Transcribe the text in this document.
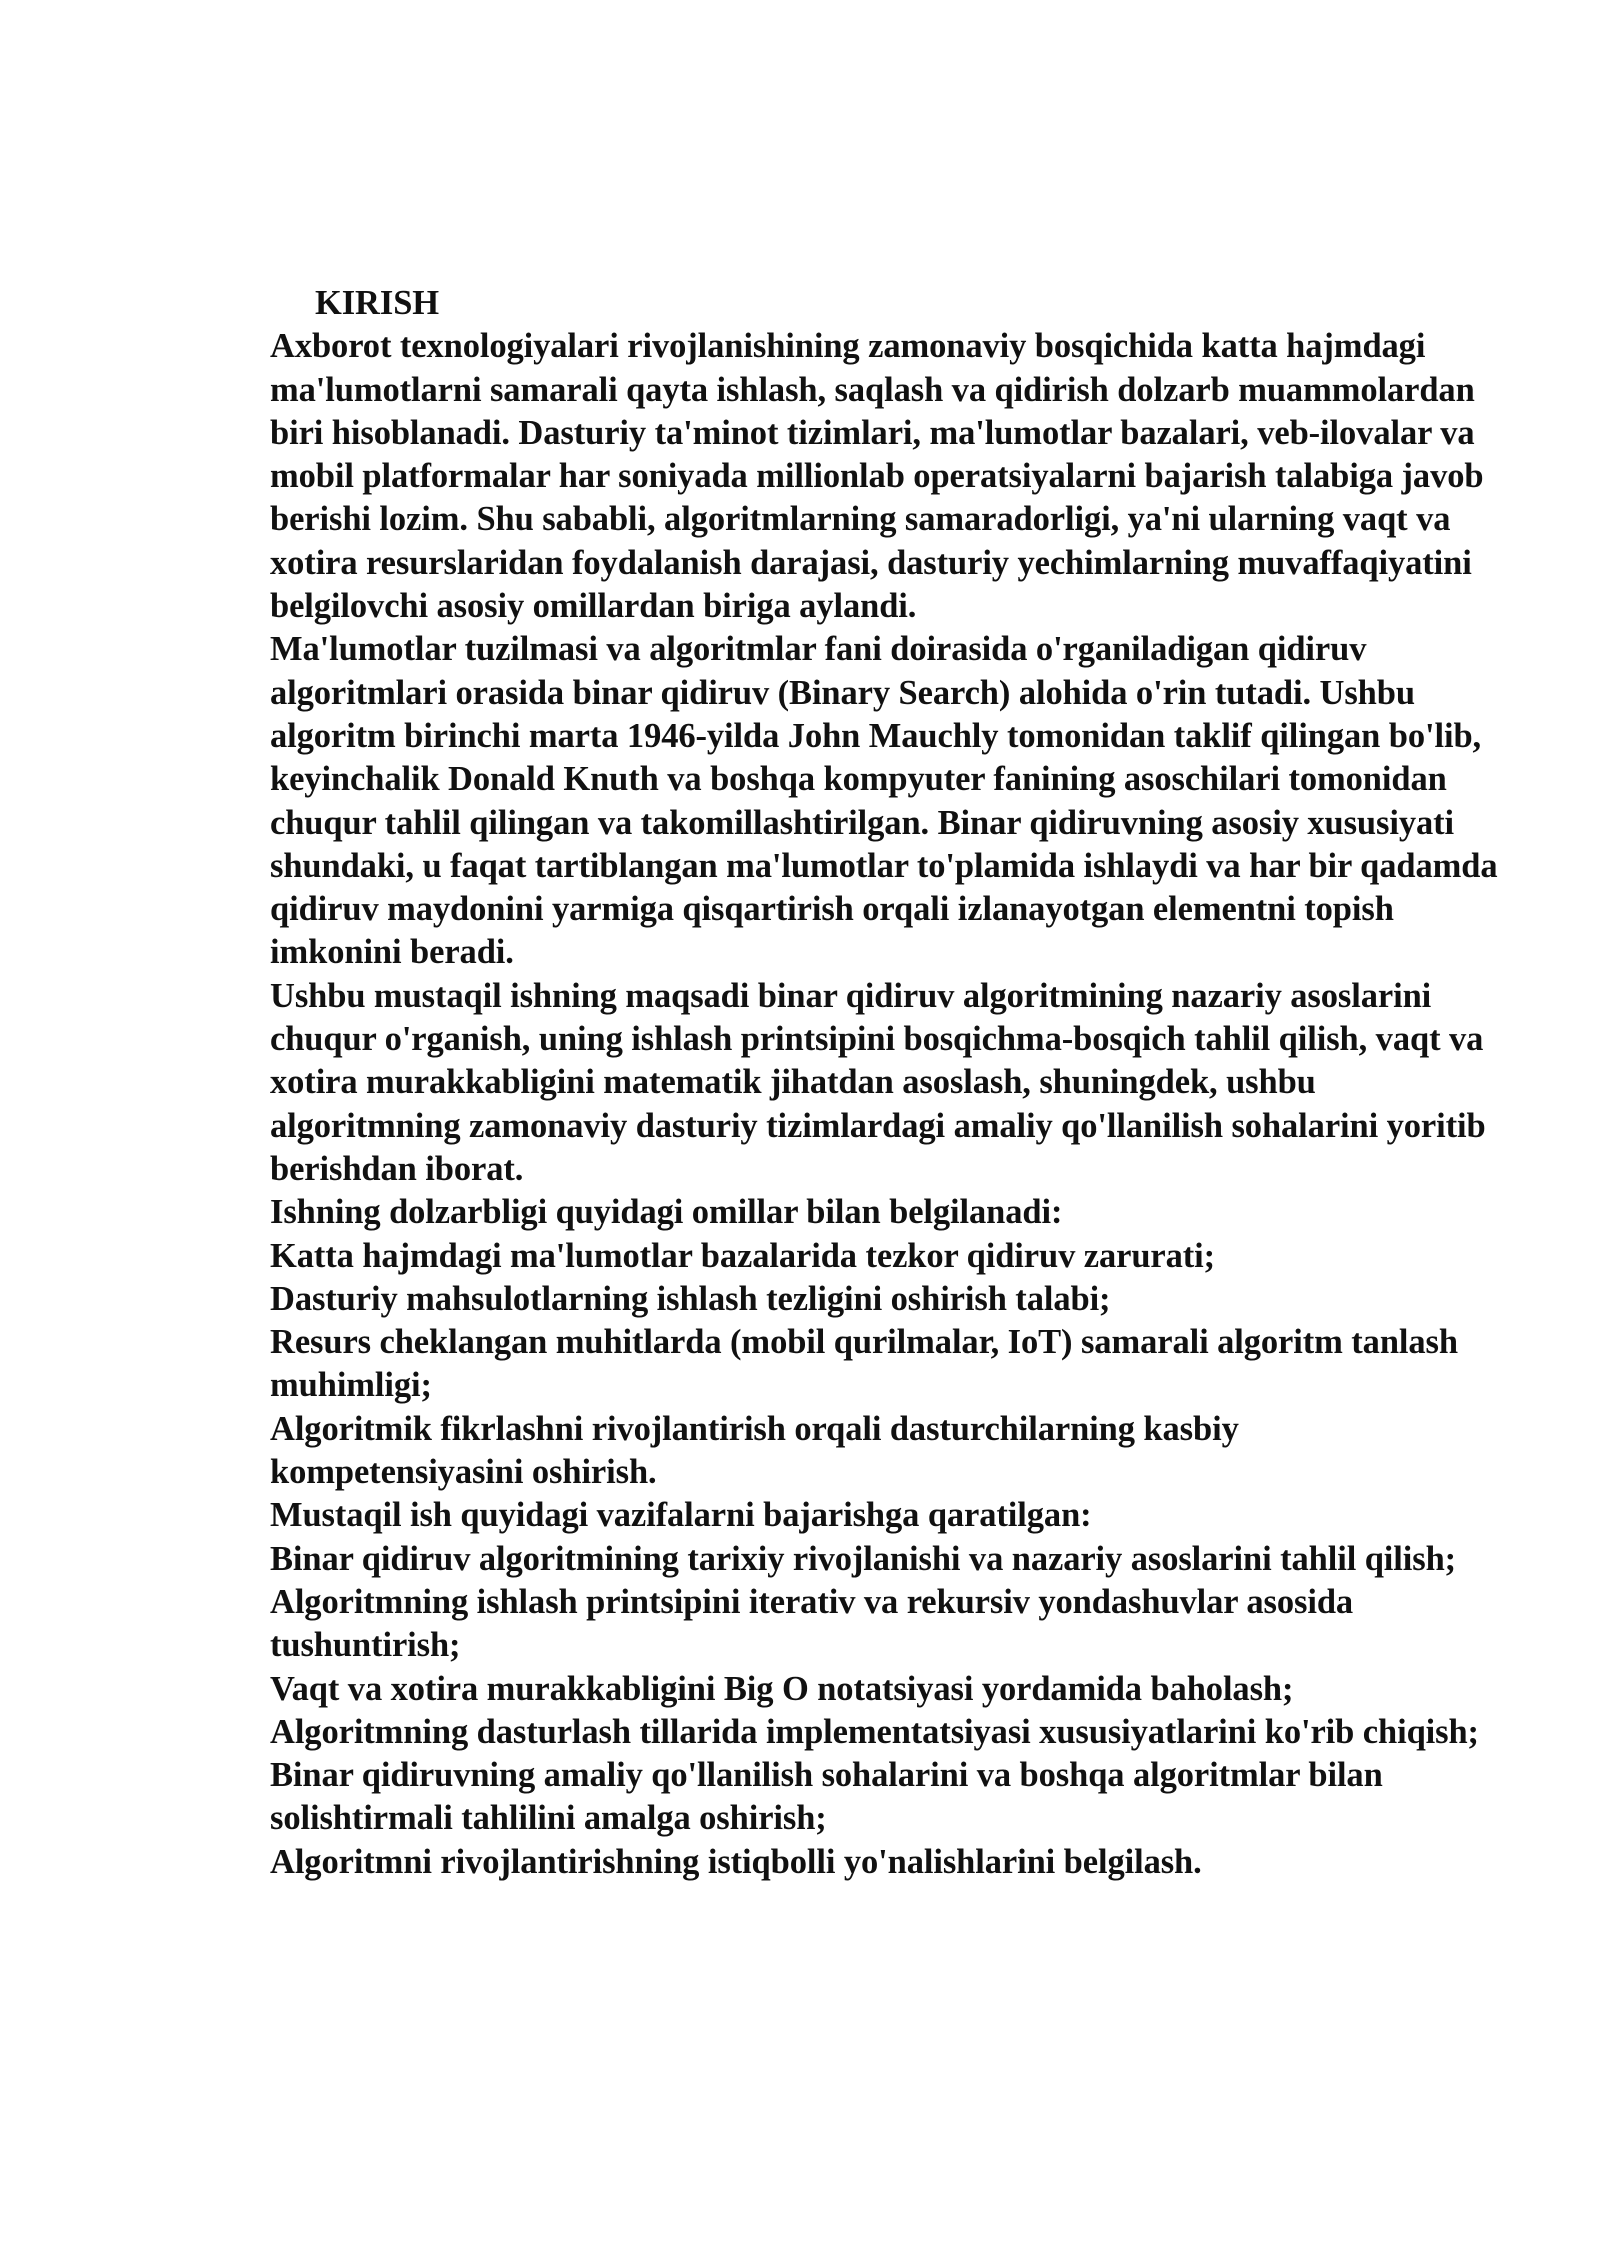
KIRISH
Axborot texnologiyalari rivojlanishining zamonaviy bosqichida katta hajmdagi ma'lumotlarni samarali qayta ishlash, saqlash va qidirish dolzarb muammolardan biri hisoblanadi. Dasturiy ta'minot tizimlari, ma'lumotlar bazalari, veb-ilovalar va mobil platformalar har soniyada millionlab operatsiyalarni bajarish talabiga javob berishi lozim. Shu sababli, algoritmlarning samaradorligi, ya'ni ularning vaqt va xotira resurslaridan foydalanish darajasi, dasturiy yechimlarning muvaffaqiyatini belgilovchi asosiy omillardan biriga aylandi.
Ma'lumotlar tuzilmasi va algoritmlar fani doirasida o'rganiladigan qidiruv algoritmlari orasida binar qidiruv (Binary Search) alohida o'rin tutadi. Ushbu algoritm birinchi marta 1946-yilda John Mauchly tomonidan taklif qilingan bo'lib, keyinchalik Donald Knuth va boshqa kompyuter fanining asoschilari tomonidan chuqur tahlil qilingan va takomillashtirilgan. Binar qidiruvning asosiy xususiyati shundaki, u faqat tartiblangan ma'lumotlar to'plamida ishlaydi va har bir qadamda qidiruv maydonini yarmiga qisqartirish orqali izlanayotgan elementni topish imkonini beradi.
Ushbu mustaqil ishning maqsadi binar qidiruv algoritmining nazariy asoslarini chuqur o'rganish, uning ishlash printsipini bosqichma-bosqich tahlil qilish, vaqt va xotira murakkabligini matematik jihatdan asoslash, shuningdek, ushbu algoritmning zamonaviy dasturiy tizimlardagi amaliy qo'llanilish sohalarini yoritib berishdan iborat.
Ishning dolzarbligi quyidagi omillar bilan belgilanadi:
Katta hajmdagi ma'lumotlar bazalarida tezkor qidiruv zarurati;
Dasturiy mahsulotlarning ishlash tezligini oshirish talabi;
Resurs cheklangan muhitlarda (mobil qurilmalar, IoT) samarali algoritm tanlash muhimligi;
Algoritmik fikrlashni rivojlantirish orqali dasturchilarning kasbiy kompetensiyasini oshirish.
Mustaqil ish quyidagi vazifalarni bajarishga qaratilgan:
Binar qidiruv algoritmining tarixiy rivojlanishi va nazariy asoslarini tahlil qilish;
Algoritmning ishlash printsipini iterativ va rekursiv yondashuvlar asosida tushuntirish;
Vaqt va xotira murakkabligini Big O notatsiyasi yordamida baholash;
Algoritmning dasturlash tillarida implementatsiyasi xususiyatlarini ko'rib chiqish;
Binar qidiruvning amaliy qo'llanilish sohalarini va boshqa algoritmlar bilan solishtirmali tahlilini amalga oshirish;
Algoritmni rivojlantirishning istiqbolli yo'nalishlarini belgilash.
